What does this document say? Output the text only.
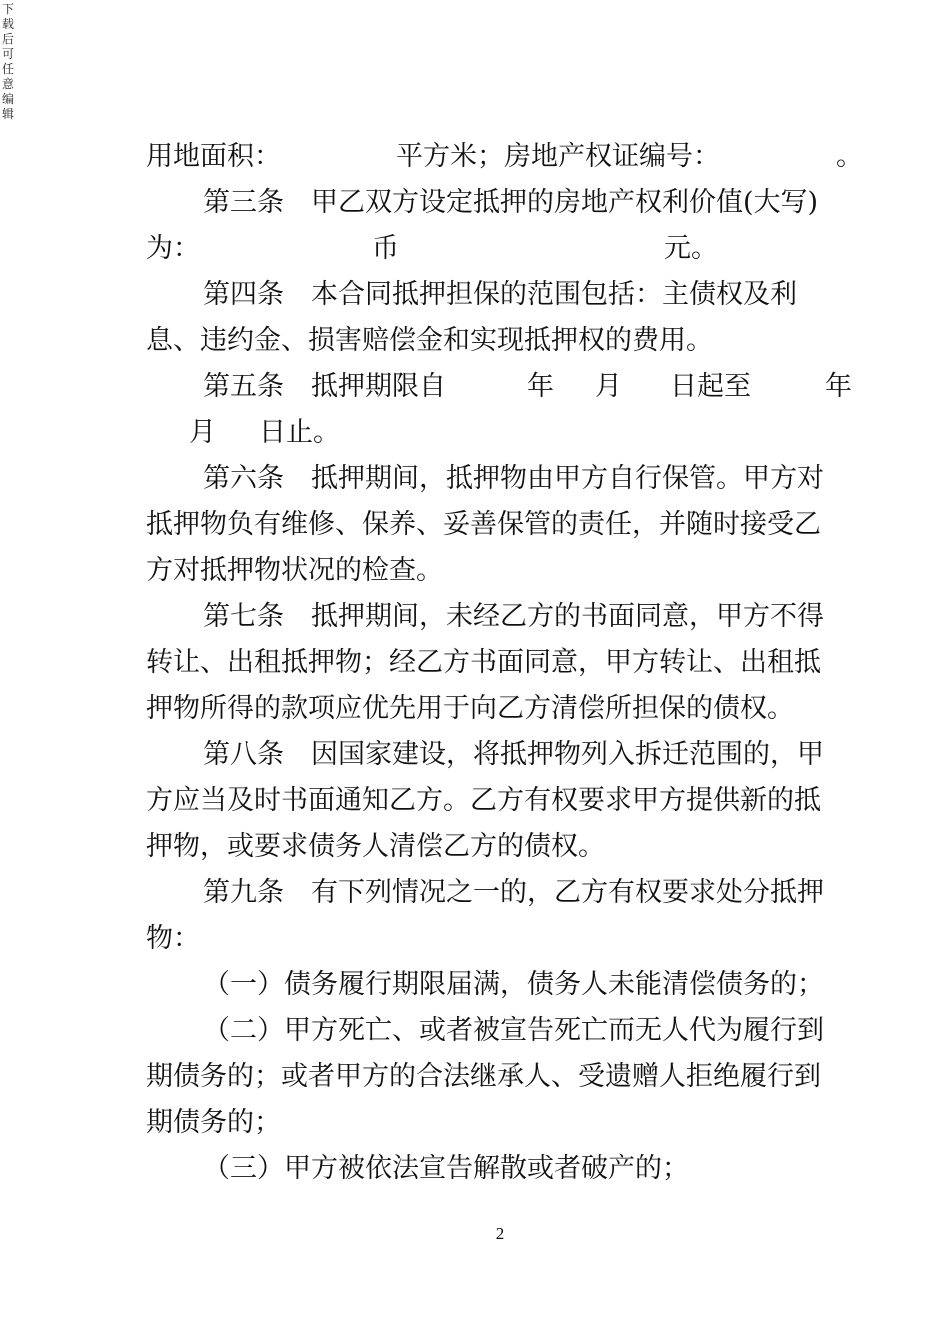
下载后可任意编辑
用地面积：	平方米；房地产权证编号：	。
第三条　甲乙双方设定抵押的房地产权利价值(大写)
为：	币	元。
第四条　本合同抵押担保的范围包括：主债权及利
息、违约金、损害赔偿金和实现抵押权的费用。
第五条　抵押期限自	年 月 日起至	年
月 日止。
第六条　抵押期间，抵押物由甲方自行保管。甲方对
抵押物负有维修、保养、妥善保管的责任，并随时接受乙
方对抵押物状况的检查。
第七条　抵押期间，未经乙方的书面同意，甲方不得
转让、出租抵押物；经乙方书面同意，甲方转让、出租抵
押物所得的款项应优先用于向乙方清偿所担保的债权。
第八条　因国家建设，将抵押物列入拆迁范围的，甲
方应当及时书面通知乙方。乙方有权要求甲方提供新的抵
押物，或要求债务人清偿乙方的债权。
第九条　有下列情况之一的，乙方有权要求处分抵押
物：
（一）债务履行期限届满，债务人未能清偿债务的；
（二）甲方死亡、或者被宣告死亡而无人代为履行到
期债务的；或者甲方的合法继承人、受遗赠人拒绝履行到
期债务的；
（三）甲方被依法宣告解散或者破产的；
2
